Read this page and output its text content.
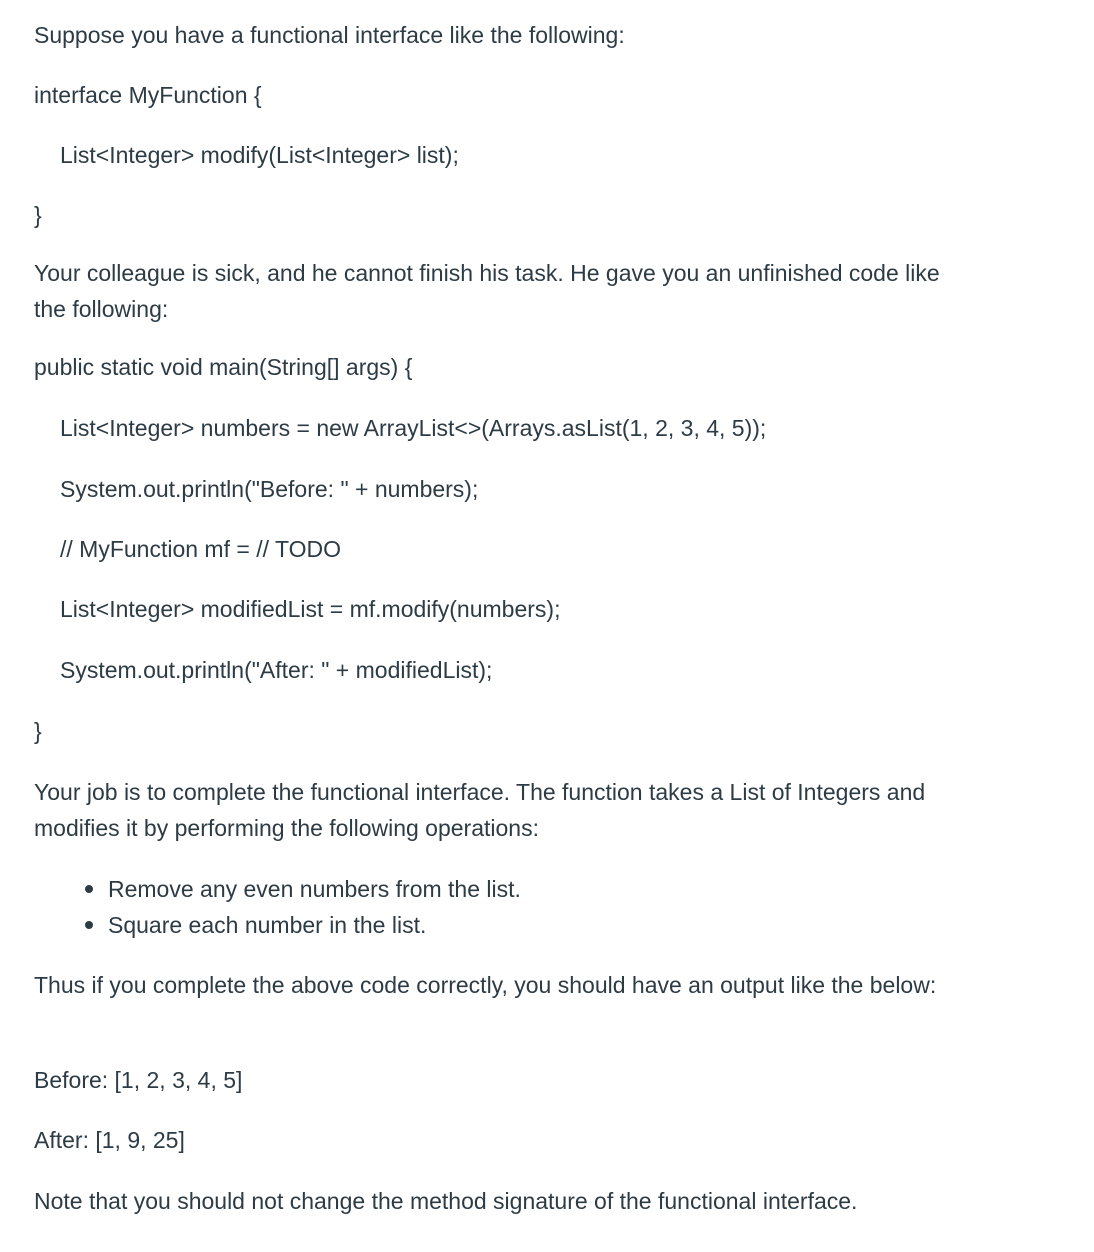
Suppose you have a functional interface like the following:

interface MyFunction {

List<Integer> modify(List<Integer> list);

}

Your colleague is sick, and he cannot finish his task. He gave you an unfinished code like the following:

public static void main(String[] args) {

List<Integer> numbers = new ArrayList<>(Arrays.asList(1, 2, 3, 4, 5));

System.out.println("Before: " + numbers);

// MyFunction mf = // TODO

List<Integer> modifiedList = mf.modify(numbers);

System.out.println("After: " + modifiedList);

}

Your job is to complete the functional interface. The function takes a List of Integers and modifies it by performing the following operations:

Remove any even numbers from the list.
Square each number in the list.

Thus if you complete the above code correctly, you should have an output like the below:

Before: [1, 2, 3, 4, 5]

After: [1, 9, 25]

Note that you should not change the method signature of the functional interface.
